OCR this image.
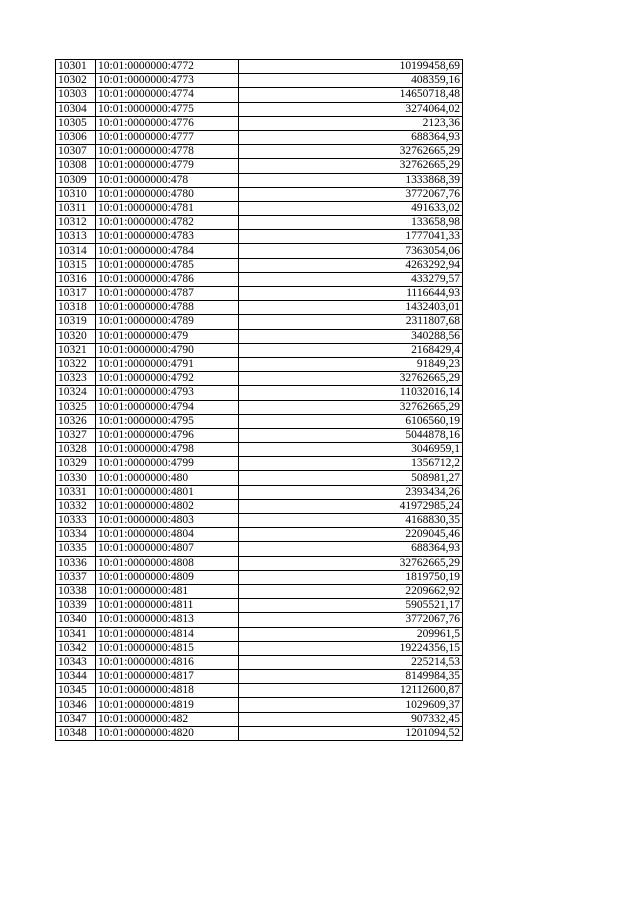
10301	10:01:0000000:4772	10199458,69
10302	10:01:0000000:4773	408359,16
10303	10:01:0000000:4774	14650718,48
10304	10:01:0000000:4775	3274064,02
10305	10:01:0000000:4776	2123,36
10306	10:01:0000000:4777	688364,93
10307	10:01:0000000:4778	32762665,29
10308	10:01:0000000:4779	32762665,29
10309	10:01:0000000:478	1333868,39
10310	10:01:0000000:4780	3772067,76
10311	10:01:0000000:4781	491633,02
10312	10:01:0000000:4782	133658,98
10313	10:01:0000000:4783	1777041,33
10314	10:01:0000000:4784	7363054,06
10315	10:01:0000000:4785	4263292,94
10316	10:01:0000000:4786	433279,57
10317	10:01:0000000:4787	1116644,93
10318	10:01:0000000:4788	1432403,01
10319	10:01:0000000:4789	2311807,68
10320	10:01:0000000:479	340288,56
10321	10:01:0000000:4790	2168429,4
10322	10:01:0000000:4791	91849,23
10323	10:01:0000000:4792	32762665,29
10324	10:01:0000000:4793	11032016,14
10325	10:01:0000000:4794	32762665,29
10326	10:01:0000000:4795	6106560,19
10327	10:01:0000000:4796	5044878,16
10328	10:01:0000000:4798	3046959,1
10329	10:01:0000000:4799	1356712,2
10330	10:01:0000000:480	508981,27
10331	10:01:0000000:4801	2393434,26
10332	10:01:0000000:4802	41972985,24
10333	10:01:0000000:4803	4168830,35
10334	10:01:0000000:4804	2209045,46
10335	10:01:0000000:4807	688364,93
10336	10:01:0000000:4808	32762665,29
10337	10:01:0000000:4809	1819750,19
10338	10:01:0000000:481	2209662,92
10339	10:01:0000000:4811	5905521,17
10340	10:01:0000000:4813	3772067,76
10341	10:01:0000000:4814	209961,5
10342	10:01:0000000:4815	19224356,15
10343	10:01:0000000:4816	225214,53
10344	10:01:0000000:4817	8149984,35
10345	10:01:0000000:4818	12112600,87
10346	10:01:0000000:4819	1029609,37
10347	10:01:0000000:482	907332,45
10348	10:01:0000000:4820	1201094,52
